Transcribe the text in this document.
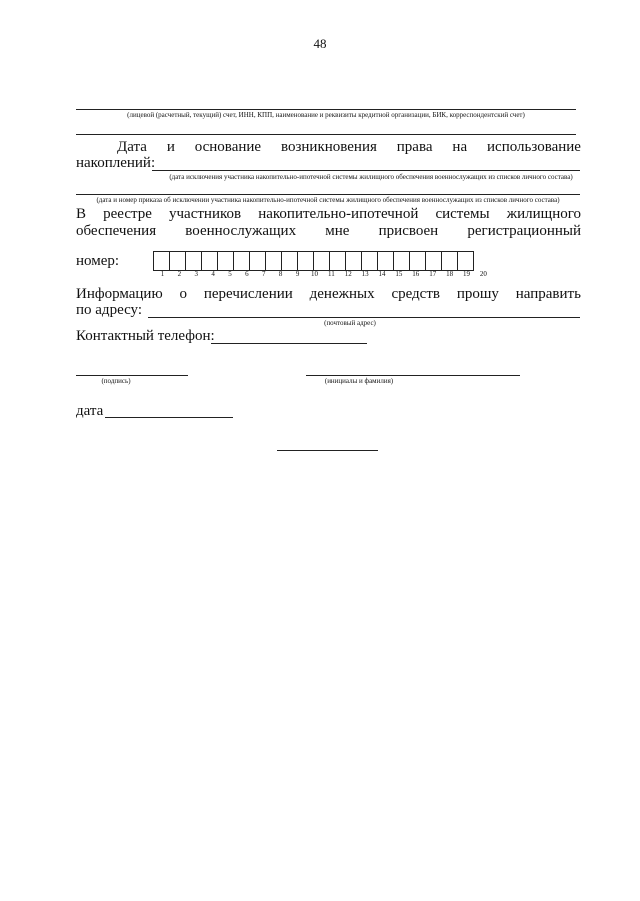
48
(лицевой (расчетный, текущий) счет, ИНН, КПП, наименование и реквизиты кредитной организации, БИК, корреспондентский счет)
Дата и основание возникновения права на использование
накоплений:
(дата исключения участника накопительно-ипотечной системы жилищного обеспечения военнослужащих из списков личного состава)
(дата и номер приказа об исключении участника накопительно-ипотечной системы жилищного обеспечения военнослужащих из списков личного состава)
В реестре участников накопительно-ипотечной системы жилищного
обеспечения военнослужащих мне присвоен регистрационный
номер:
1	2	3	4	5	6	7	8	9	10	11	12	13	14	15	16	17	18	19	20
Информацию о перечислении денежных средств прошу направить
по адресу:
(почтовый адрес)
Контактный телефон:
(подпись)	(инициалы и фамилия)
дата
